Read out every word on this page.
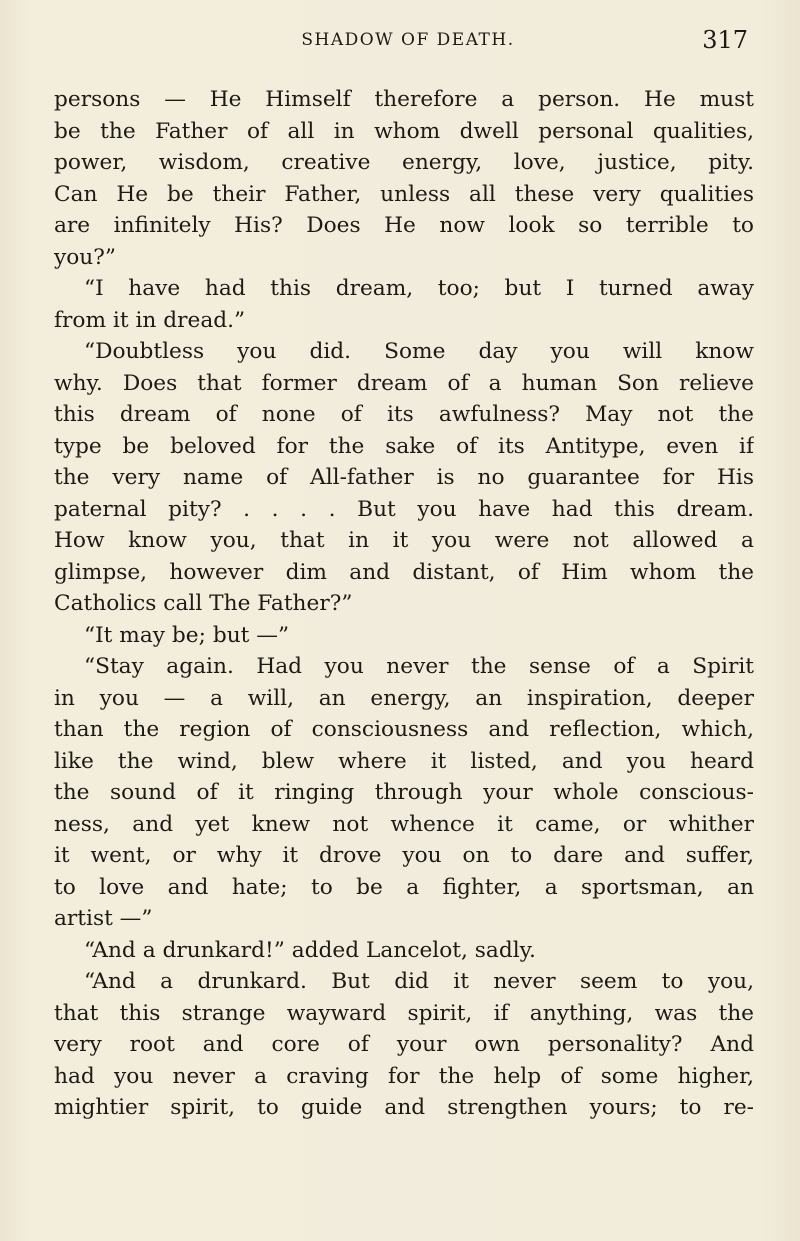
SHADOW OF DEATH.	317
persons — He Himself therefore a person. He must
be the Father of all in whom dwell personal qualities,
power, wisdom, creative energy, love, justice, pity.
Can He be their Father, unless all these very qualities
are infinitely His? Does He now look so terrible to
you?”
“I have had this dream, too; but I turned away
from it in dread.”
“Doubtless you did. Some day you will know
why. Does that former dream of a human Son relieve
this dream of none of its awfulness? May not the
type be beloved for the sake of its Antitype, even if
the very name of All-father is no guarantee for His
paternal pity? . . . . But you have had this dream.
How know you, that in it you were not allowed a
glimpse, however dim and distant, of Him whom the
Catholics call The Father?”
“It may be; but —”
“Stay again. Had you never the sense of a Spirit
in you — a will, an energy, an inspiration, deeper
than the region of consciousness and reflection, which,
like the wind, blew where it listed, and you heard
the sound of it ringing through your whole conscious-
ness, and yet knew not whence it came, or whither
it went, or why it drove you on to dare and suffer,
to love and hate; to be a fighter, a sportsman, an
artist —”
“And a drunkard!” added Lancelot, sadly.
“And a drunkard. But did it never seem to you,
that this strange wayward spirit, if anything, was the
very root and core of your own personality? And
had you never a craving for the help of some higher,
mightier spirit, to guide and strengthen yours; to re-
